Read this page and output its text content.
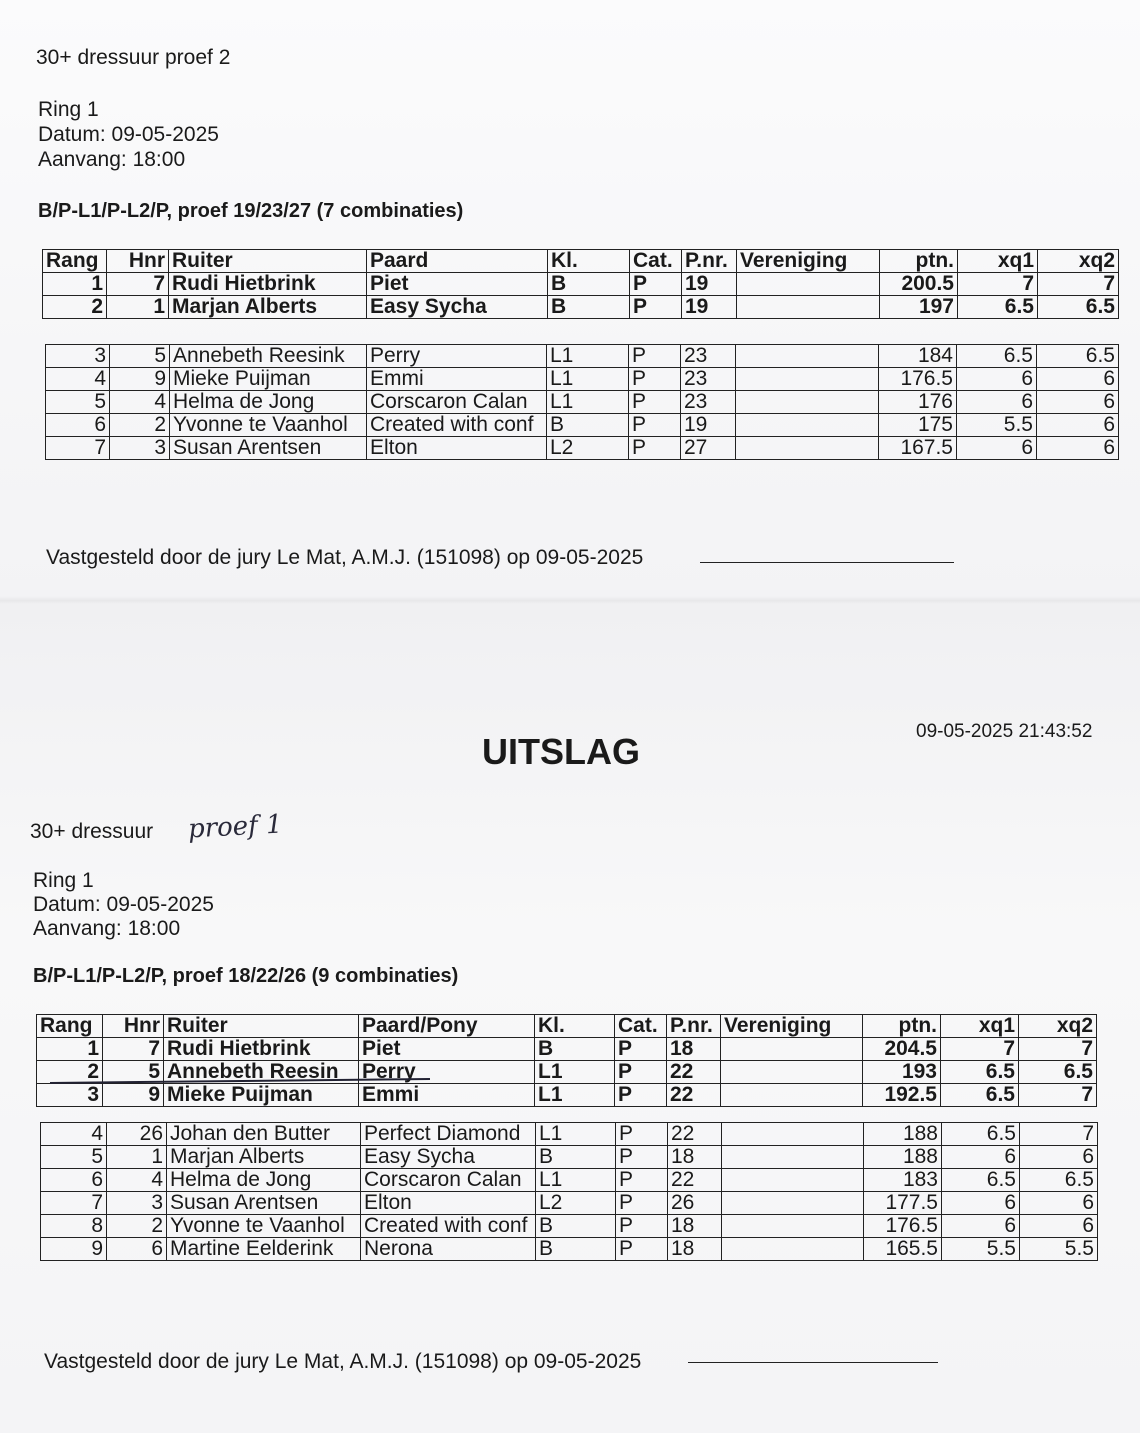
30+ dressuur proef 2
Ring 1
Datum: 09-05-2025
Aanvang: 18:00
B/P-L1/P-L2/P, proef 19/23/27 (7 combinaties)
Rang	Hnr	Ruiter	Paard	Kl.	Cat.	P.nr.	Vereniging	ptn.	xq1	xq2
1	7	Rudi Hietbrink	Piet	B	P	19		200.5	7	7
2	1	Marjan Alberts	Easy Sycha	B	P	19		197	6.5	6.5
3	5	Annebeth Reesink	Perry	L1	P	23		184	6.5	6.5
4	9	Mieke Puijman	Emmi	L1	P	23		176.5	6	6
5	4	Helma de Jong	Corscaron Calan	L1	P	23		176	6	6
6	2	Yvonne te Vaanhol	Created with conf	B	P	19		175	5.5	6
7	3	Susan Arentsen	Elton	L2	P	27		167.5	6	6
Vastgesteld door de jury Le Mat, A.M.J. (151098) op 09-05-2025
UITSLAG	09-05-2025 21:43:52
30+ dressuur proef 1
Ring 1
Datum: 09-05-2025
Aanvang: 18:00
B/P-L1/P-L2/P, proef 18/22/26 (9 combinaties)
Rang	Hnr	Ruiter	Paard/Pony	Kl.	Cat.	P.nr.	Vereniging	ptn.	xq1	xq2
1	7	Rudi Hietbrink	Piet	B	P	18		204.5	7	7
2	5	Annebeth Reesin	Perry	L1	P	22		193	6.5	6.5
3	9	Mieke Puijman	Emmi	L1	P	22		192.5	6.5	7
4	26	Johan den Butter	Perfect Diamond	L1	P	22		188	6.5	7
5	1	Marjan Alberts	Easy Sycha	B	P	18		188	6	6
6	4	Helma de Jong	Corscaron Calan	L1	P	22		183	6.5	6.5
7	3	Susan Arentsen	Elton	L2	P	26		177.5	6	6
8	2	Yvonne te Vaanhol	Created with conf	B	P	18		176.5	6	6
9	6	Martine Eelderink	Nerona	B	P	18		165.5	5.5	5.5
Vastgesteld door de jury Le Mat, A.M.J. (151098) op 09-05-2025
